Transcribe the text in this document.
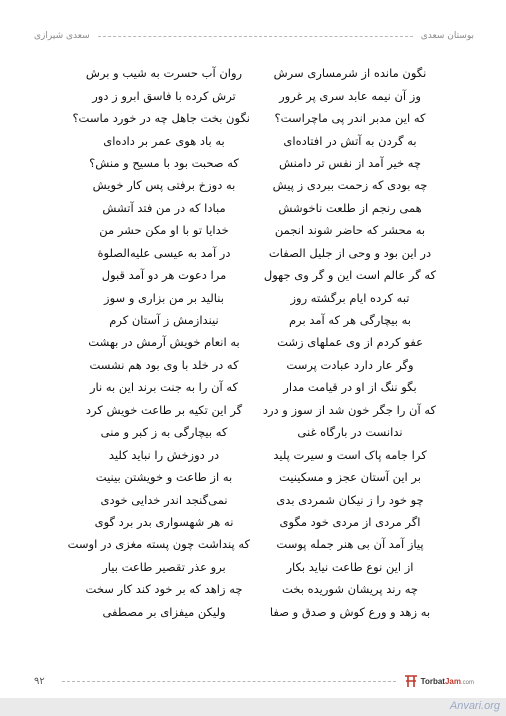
بوستان سعدی
سعدی شیرازی
نگون مانده از شرمساری سرش
روان آب حسرت به شیب و برش
وز آن نیمه عابد سری پر غرور
ترش کرده با فاسق ابرو ز دور
که این مدبر اندر پی ماچراست؟
نگون بخت جاهل چه در خورد ماست؟
به گردن به آتش در افتاده‌ای
به باد هوی عمر بر داده‌ای
چه خیر آمد از نفس تر دامنش
که صحبت بود با مسیح و منش؟
چه بودی که زحمت ببردی ز پیش
به دوزخ برفتی پس کار خویش
همی رنجم از طلعت ناخوشش
مبادا که در من فتد آتشش
به محشر که حاضر شوند انجمن
خدایا تو با او مکن حشر من
در این بود و وحی از جلیل الصفات
در آمد به عیسی علیه‌الصلوة
که گر عالم است این و گر وی جهول
مرا دعوت هر دو آمد قبول
تبه کرده ایام برگشته روز
بنالید بر من بزاری و سوز
به بیچارگی هر که آمد برم
نیندازمش ز آستان کرم
عفو کردم از وی عملهای زشت
به انعام خویش آرمش در بهشت
وگر عار دارد عبادت پرست
که در خلد با وی بود هم نشست
بگو ننگ از او در قیامت مدار
که آن را به جنت برند این به نار
که آن را جگر خون شد از سوز و درد
گر این تکیه بر طاعت خویش کرد
ندانست در بارگاه غنی
که بیچارگی به ز کبر و منی
کرا جامه پاک است و سیرت پلید
در دوزخش را نباید کلید
بر این آستان عجز و مسکینیت
به از طاعت و خویشتن بینیت
چو خود را ز نیکان شمردی بدی
نمی‌گنجد اندر خدایی خودی
اگر مردی از مردی خود مگوی
نه هر شهسواری بدر برد گوی
پیاز آمد آن بی هنر جمله پوست
که پنداشت چون پسته مغزی در اوست
از این نوع طاعت نیاید بکار
برو عذر تقصیر طاعت بیار
چه رند پریشان شوریده بخت
چه زاهد که بر خود کند کار سخت
به زهد و ورع کوش و صدق و صفا
ولیکن میفزای بر مصطفی
۹۲	TorbatJam.com
Anvari.org
